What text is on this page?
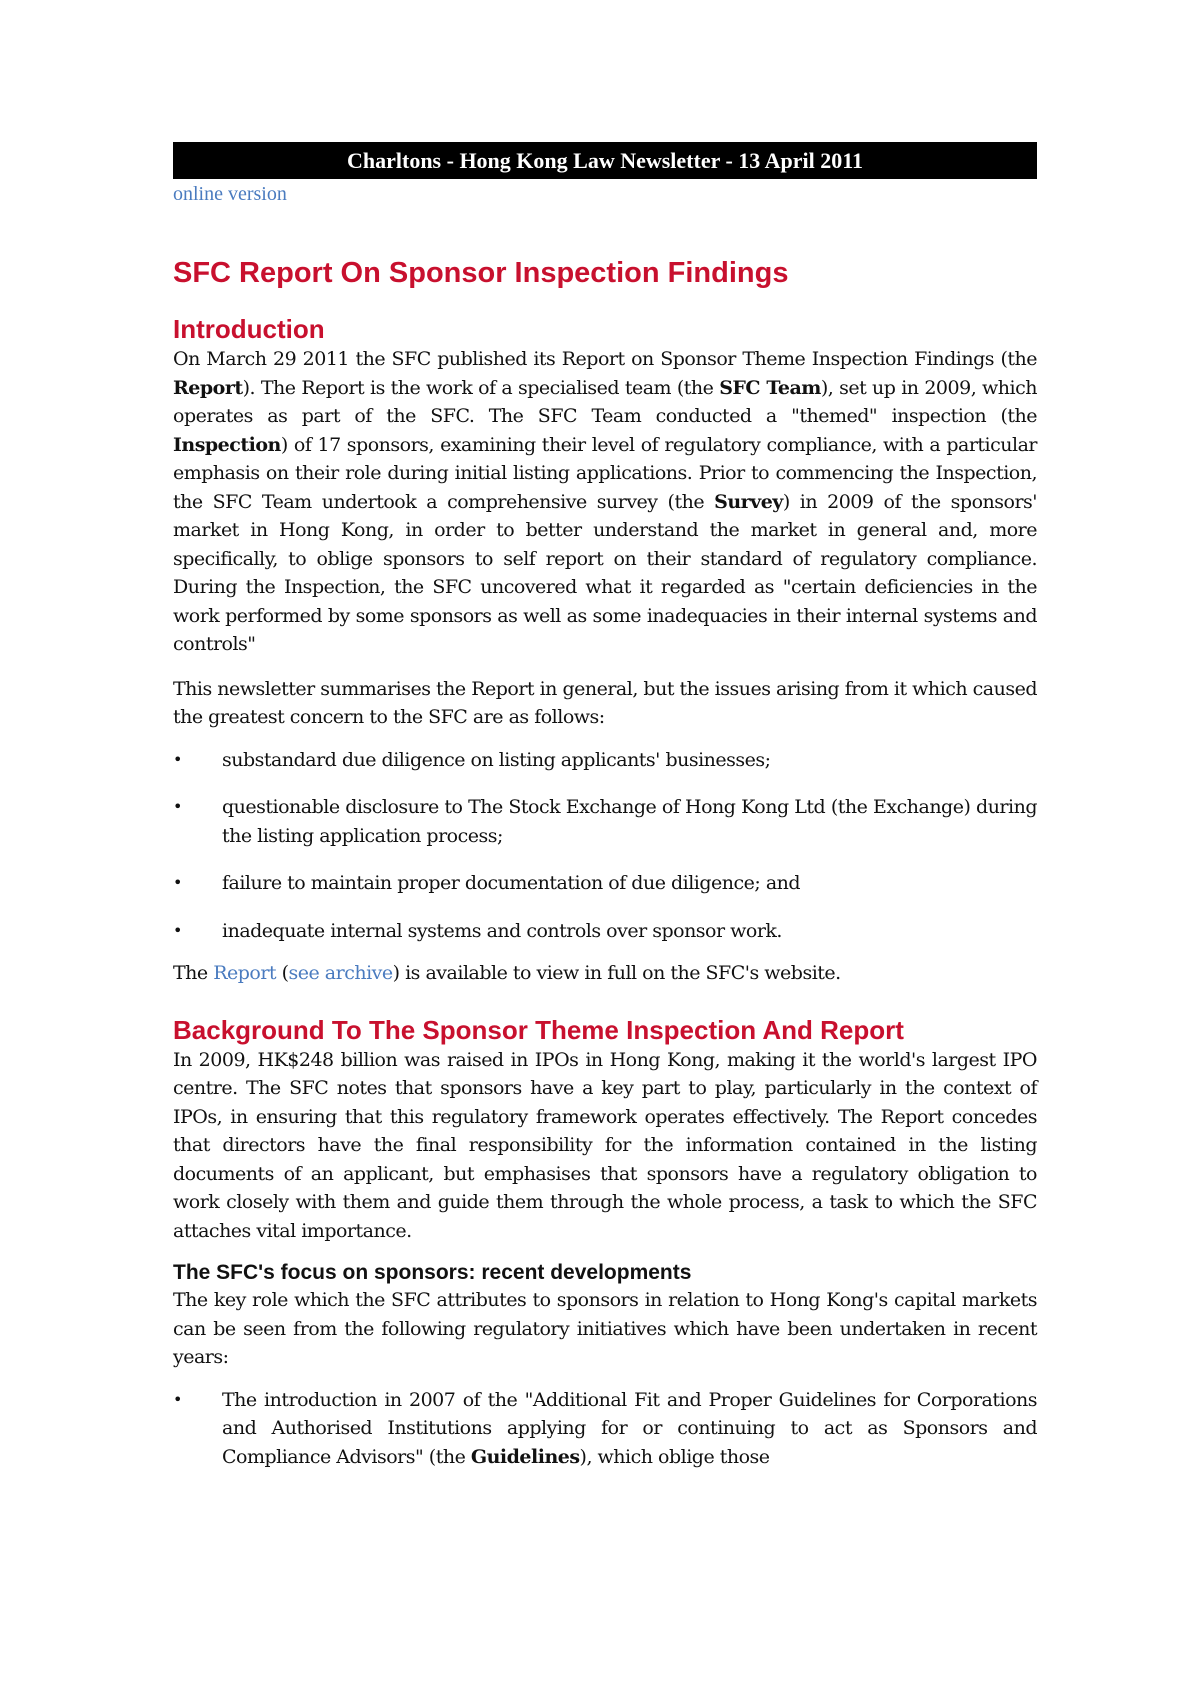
Charltons - Hong Kong Law Newsletter - 13 April 2011
online version
SFC Report On Sponsor Inspection Findings
Introduction

On March 29 2011 the SFC published its Report on Sponsor Theme Inspection Findings (the Report). The Report is the work of a specialised team (the SFC Team), set up in 2009, which operates as part of the SFC. The SFC Team conducted a "themed" inspection (the Inspection) of 17 sponsors, examining their level of regulatory compliance, with a particular emphasis on their role during initial listing applications. Prior to commencing the Inspection, the SFC Team undertook a comprehensive survey (the Survey) in 2009 of the sponsors' market in Hong Kong, in order to better understand the market in general and, more specifically, to oblige sponsors to self report on their standard of regulatory compliance. During the Inspection, the SFC uncovered what it regarded as "certain deficiencies in the work performed by some sponsors as well as some inadequacies in their internal systems and controls"

This newsletter summarises the Report in general, but the issues arising from it which caused the greatest concern to the SFC are as follows:

• substandard due diligence on listing applicants' businesses;
• questionable disclosure to The Stock Exchange of Hong Kong Ltd (the Exchange) during the listing application process;
• failure to maintain proper documentation of due diligence; and
• inadequate internal systems and controls over sponsor work.

The Report (see archive) is available to view in full on the SFC's website.

Background To The Sponsor Theme Inspection And Report

In 2009, HK$248 billion was raised in IPOs in Hong Kong, making it the world's largest IPO centre. The SFC notes that sponsors have a key part to play, particularly in the context of IPOs, in ensuring that this regulatory framework operates effectively. The Report concedes that directors have the final responsibility for the information contained in the listing documents of an applicant, but emphasises that sponsors have a regulatory obligation to work closely with them and guide them through the whole process, a task to which the SFC attaches vital importance.

The SFC's focus on sponsors: recent developments

The key role which the SFC attributes to sponsors in relation to Hong Kong's capital markets can be seen from the following regulatory initiatives which have been undertaken in recent years:

• The introduction in 2007 of the "Additional Fit and Proper Guidelines for Corporations and Authorised Institutions applying for or continuing to act as Sponsors and Compliance Advisors" (the Guidelines), which oblige those
